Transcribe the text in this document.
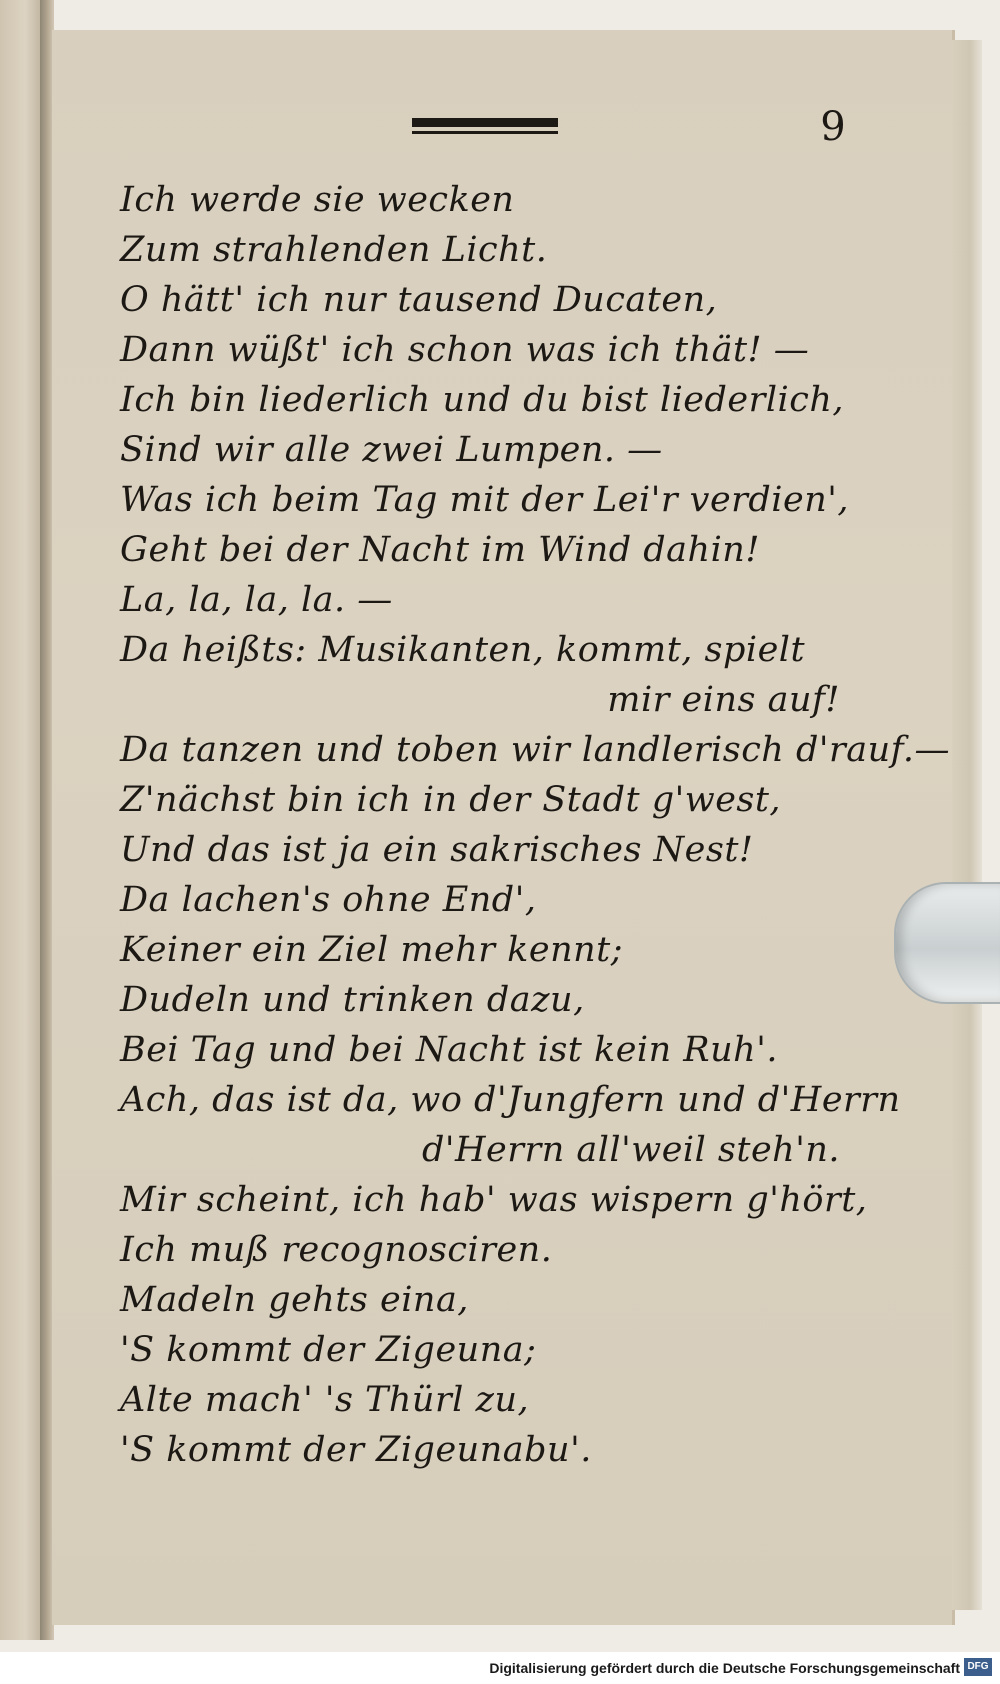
9
Ich werde sie wecken
Zum strahlenden Licht.
O hätt' ich nur tausend Ducaten,
Dann wüßt' ich schon was ich thät! —
Ich bin liederlich und du bist liederlich,
Sind wir alle zwei Lumpen. —
Was ich beim Tag mit der Lei'r verdien',
Geht bei der Nacht im Wind dahin!
La, la, la, la. —
Da heißts: Musikanten, kommt, spielt
mir eins auf!
Da tanzen und toben wir landlerisch d'rauf.—
Z'nächst bin ich in der Stadt g'west,
Und das ist ja ein sakrisches Nest!
Da lachen's ohne End',
Keiner ein Ziel mehr kennt;
Dudeln und trinken dazu,
Bei Tag und bei Nacht ist kein Ruh'.
Ach, das ist da, wo d'Jungfern und d'Herrn
d'Herrn all'weil steh'n.
Mir scheint, ich hab' was wispern g'hört,
Ich muß recognosciren.
Madeln gehts eina,
'S kommt der Zigeuna;
Alte mach' 's Thürl zu,
'S kommt der Zigeunabu'.
Digitalisierung gefördert durch die Deutsche Forschungsgemeinschaft DFG
